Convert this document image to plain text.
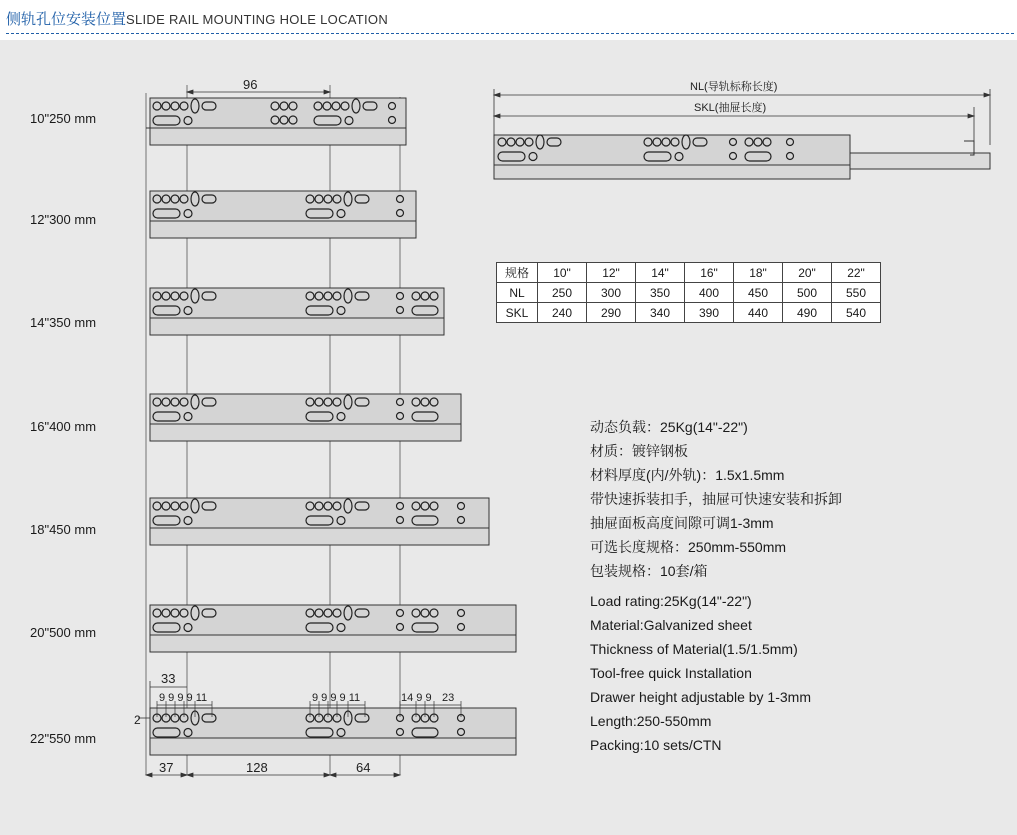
侧轨孔位安装位置SLIDE RAIL MOUNTING HOLE LOCATION
10"250 mm
12"300 mm
14"350 mm
16"400 mm
18"450 mm
20"500 mm
22"550 mm
96
33
9 9 9 9 11	9 9 9 9 11	14 9 9 23
2
37	128	64
NL(导轨标称长度)
SKL(抽屉长度)
规格	10"	12"	14"	16"	18"	20"	22"
NL	250	300	350	400	450	500	550
SKL	240	290	340	390	440	490	540
动态负载：25Kg(14"-22")
材质：镀锌钢板
材料厚度(内/外轨)：1.5x1.5mm
带快速拆装扣手，抽屉可快速安装和拆卸
抽屉面板高度间隙可调1-3mm
可选长度规格：250mm-550mm
包装规格：10套/箱
Load rating:25Kg(14"-22")
Material:Galvanized sheet
Thickness of Material(1.5/1.5mm)
Tool-free quick Installation
Drawer height adjustable by 1-3mm
Length:250-550mm
Packing:10 sets/CTN
